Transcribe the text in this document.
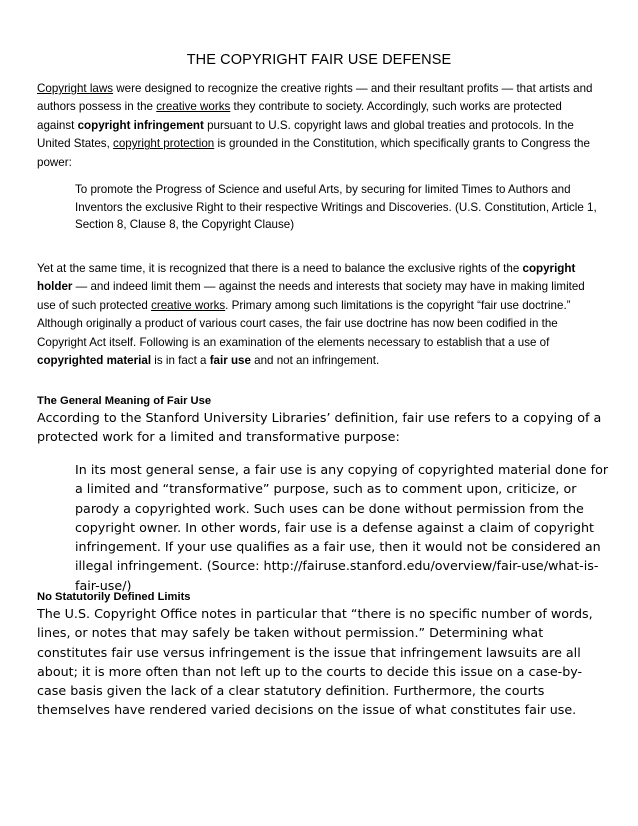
THE COPYRIGHT FAIR USE DEFENSE
Copyright laws were designed to recognize the creative rights — and their resultant profits — that artists and authors possess in the creative works they contribute to society. Accordingly, such works are protected against copyright infringement pursuant to U.S. copyright laws and global treaties and protocols. In the United States, copyright protection is grounded in the Constitution, which specifically grants to Congress the power:
To promote the Progress of Science and useful Arts, by securing for limited Times to Authors and Inventors the exclusive Right to their respective Writings and Discoveries. (U.S. Constitution, Article 1, Section 8, Clause 8, the Copyright Clause)
Yet at the same time, it is recognized that there is a need to balance the exclusive rights of the copyright holder — and indeed limit them — against the needs and interests that society may have in making limited use of such protected creative works. Primary among such limitations is the copyright “fair use doctrine.” Although originally a product of various court cases, the fair use doctrine has now been codified in the Copyright Act itself. Following is an examination of the elements necessary to establish that a use of copyrighted material is in fact a fair use and not an infringement.
The General Meaning of Fair Use
According to the Stanford University Libraries’ definition, fair use refers to a copying of a protected work for a limited and transformative purpose:
In its most general sense, a fair use is any copying of copyrighted material done for a limited and “transformative” purpose, such as to comment upon, criticize, or parody a copyrighted work. Such uses can be done without permission from the copyright owner. In other words, fair use is a defense against a claim of copyright infringement. If your use qualifies as a fair use, then it would not be considered an illegal infringement. (Source: http://fairuse.stanford.edu/overview/fair-use/what-is-fair-use/)
No Statutorily Defined Limits
The U.S. Copyright Office notes in particular that “there is no specific number of words, lines, or notes that may safely be taken without permission.” Determining what constitutes fair use versus infringement is the issue that infringement lawsuits are all about; it is more often than not left up to the courts to decide this issue on a case-by-case basis given the lack of a clear statutory definition. Furthermore, the courts themselves have rendered varied decisions on the issue of what constitutes fair use.
